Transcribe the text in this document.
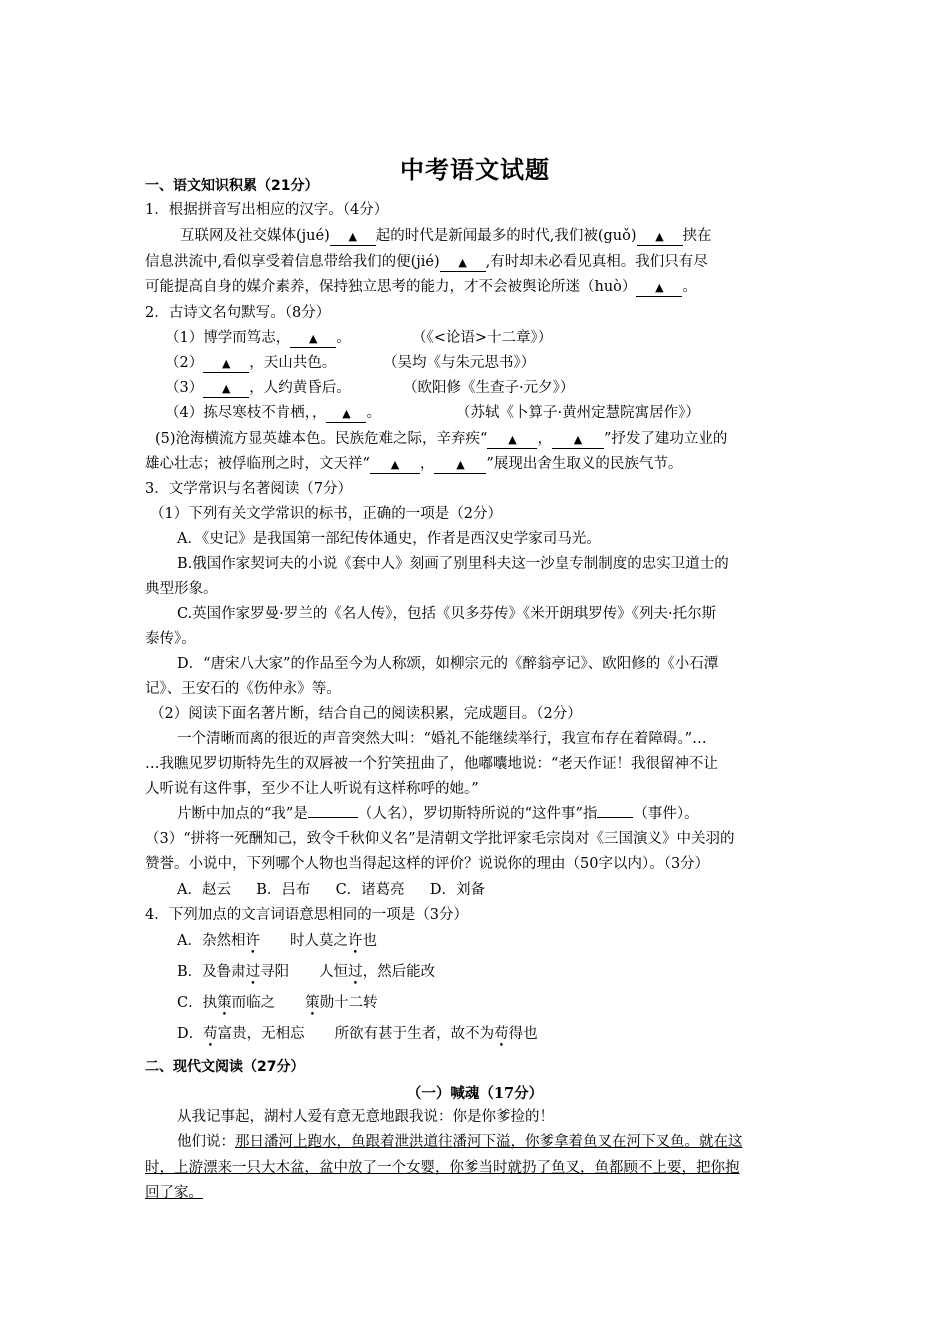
中考语文试题
一、语文知识积累（21分）
1．根据拼音写出相应的汉字。（4分）
互联网及社交媒体(jué) ▲ 起的时代是新闻最多的时代,我们被(guǒ) ▲ 挟在
信息洪流中,看似享受着信息带给我们的便(jié) ▲ ,有时却未必看见真相。我们只有尽
可能提高自身的媒介素养，保持独立思考的能力，才不会被舆论所迷（huò） ▲ 。
2．古诗文名句默写。（8分）
（1）博学而笃志， ▲ 。	（《<论语>十二章》）
（2） ▲ ，天山共色。	（吴均《与朱元思书》）
（3） ▲ ，人约黄昏后。	（欧阳修《生查子·元夕》）
（4）拣尽寒枝不肯栖，， ▲ 。	（苏轼《卜算子·黄州定慧院寓居作》）
(5)沧海横流方显英雄本色。民族危难之际，辛弃疾“ ▲ ， ▲ ”抒发了建功立业的
雄心壮志；被俘临刑之时，文天祥“ ▲ ， ▲ ”展现出舍生取义的民族气节。
3．文学常识与名著阅读（7分）
（1）下列有关文学常识的标书，正确的一项是（2分）
A．《史记》是我国第一部纪传体通史，作者是西汉史学家司马光。
B.俄国作家契诃夫的小说《套中人》刻画了别里科夫这一沙皇专制制度的忠实卫道士的
典型形象。
C.英国作家罗曼·罗兰的《名人传》，包括《贝多芬传》《米开朗琪罗传》《列夫·托尔斯
泰传》。
D．“唐宋八大家”的作品至今为人称颂，如柳宗元的《醉翁亭记》、欧阳修的《小石潭
记》、王安石的《伤仲永》等。
（2）阅读下面名著片断，结合自己的阅读积累，完成题目。（2分）
一个清晰而离的很近的声音突然大叫：“婚礼不能继续举行，我宣布存在着障碍。”…
…我瞧见罗切斯特先生的双唇被一个狞笑扭曲了，他嘟囔地说：“老天作证！我很留神不让
人听说有这件事，至少不让人听说有这样称呼的她。”
片断中加点的“我”是	（人名），罗切斯特所说的“这件事”指 （事件）。
（3）“拼将一死酬知己，致令千秋仰义名”是清朝文学批评家毛宗岗对《三国演义》中关羽的
赞誉。小说中，下列哪个人物也当得起这样的评价？说说你的理由（50字以内）。（3分）
A．赵云 B．吕布 C．诸葛亮 D．刘备
4．下列加点的文言词语意思相同的一项是（3分）
A．杂然相许 时人莫之许也
B．及鲁肃过寻阳 人恒过，然后能改
C．执策而临之 策勋十二转
D．苟富贵，无相忘 所欲有甚于生者，故不为苟得也
二、现代文阅读（27分）
（一）喊魂（17分）
从我记事起，湖村人爱有意无意地跟我说：你是你爹捡的！
他们说：那日潘河上跑水，鱼跟着泄洪道往潘河下溢，你爹拿着鱼叉在河下叉鱼。就在这
时，上游漂来一只大木盆，盆中放了一个女婴，你爹当时就扔了鱼叉，鱼都顾不上要，把你抱
回了家。
